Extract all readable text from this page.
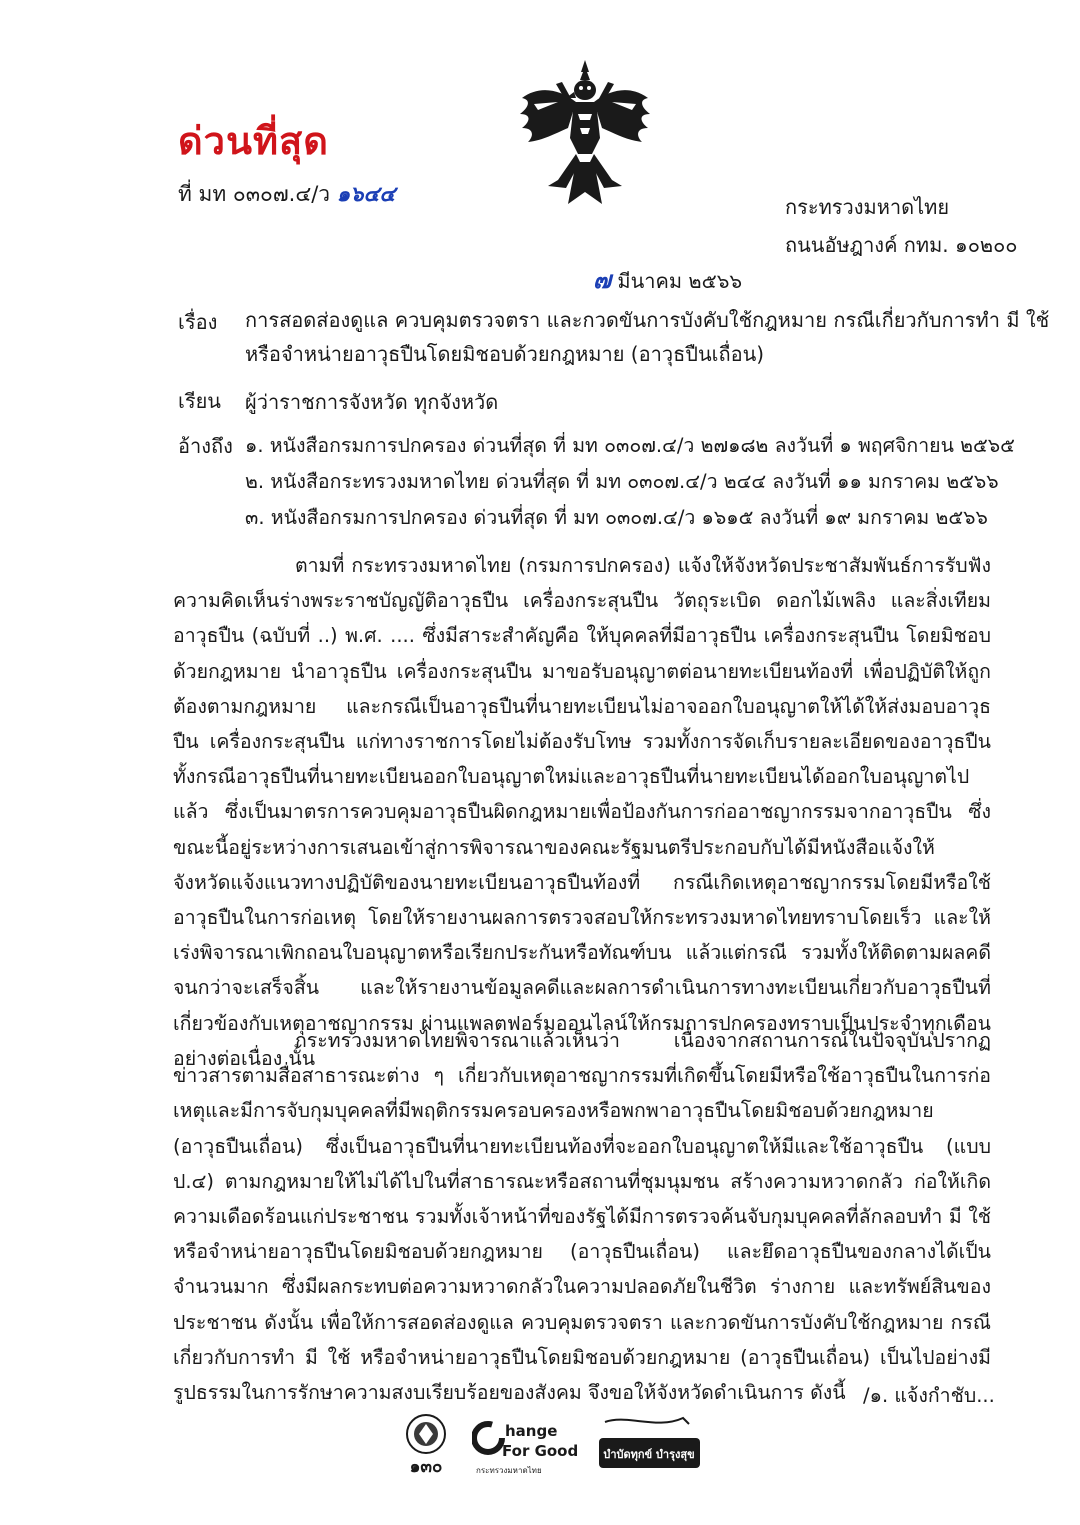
ด่วนที่สุด
ที่ มท ๐๓๐๗.๔/ว ๑๖๔๔
กระทรวงมหาดไทย
ถนนอัษฎางค์ กทม. ๑๐๒๐๐
๗ มีนาคม ๒๕๖๖
เรื่อง การสอดส่องดูแล ควบคุมตรวจตรา และกวดขันการบังคับใช้กฎหมาย กรณีเกี่ยวกับการทำ มี ใช้
หรือจำหน่ายอาวุธปืนโดยมิชอบด้วยกฎหมาย (อาวุธปืนเถื่อน)
เรียน ผู้ว่าราชการจังหวัด ทุกจังหวัด
อ้างถึง ๑. หนังสือกรมการปกครอง ด่วนที่สุด ที่ มท ๐๓๐๗.๔/ว ๒๗๑๘๒ ลงวันที่ ๑ พฤศจิกายน ๒๕๖๕
๒. หนังสือกระทรวงมหาดไทย ด่วนที่สุด ที่ มท ๐๓๐๗.๔/ว ๒๔๔ ลงวันที่ ๑๑ มกราคม ๒๕๖๖
๓. หนังสือกรมการปกครอง ด่วนที่สุด ที่ มท ๐๓๐๗.๔/ว ๑๖๑๕ ลงวันที่ ๑๙ มกราคม ๒๕๖๖
ตามที่ กระทรวงมหาดไทย (กรมการปกครอง) แจ้งให้จังหวัดประชาสัมพันธ์การรับฟังความคิดเห็นร่างพระราชบัญญัติอาวุธปืน เครื่องกระสุนปืน วัตถุระเบิด ดอกไม้เพลิง และสิ่งเทียมอาวุธปืน (ฉบับที่ ..) พ.ศ. .... ซึ่งมีสาระสำคัญคือ ให้บุคคลที่มีอาวุธปืน เครื่องกระสุนปืน โดยมิชอบด้วยกฎหมาย นำอาวุธปืน เครื่องกระสุนปืน มาขอรับอนุญาตต่อนายทะเบียนท้องที่ เพื่อปฏิบัติให้ถูกต้องตามกฎหมาย และกรณีเป็นอาวุธปืนที่นายทะเบียนไม่อาจออกใบอนุญาตให้ได้ให้ส่งมอบอาวุธปืน เครื่องกระสุนปืน แก่ทางราชการโดยไม่ต้องรับโทษ รวมทั้งการจัดเก็บรายละเอียดของอาวุธปืนทั้งกรณีอาวุธปืนที่นายทะเบียนออกใบอนุญาตใหม่และอาวุธปืนที่นายทะเบียนได้ออกใบอนุญาตไปแล้ว ซึ่งเป็นมาตรการควบคุมอาวุธปืนผิดกฎหมายเพื่อป้องกันการก่ออาชญากรรมจากอาวุธปืน ซึ่งขณะนี้อยู่ระหว่างการเสนอเข้าสู่การพิจารณาของคณะรัฐมนตรีประกอบกับได้มีหนังสือแจ้งให้จังหวัดแจ้งแนวทางปฏิบัติของนายทะเบียนอาวุธปืนท้องที่ กรณีเกิดเหตุอาชญากรรมโดยมีหรือใช้อาวุธปืนในการก่อเหตุ โดยให้รายงานผลการตรวจสอบให้กระทรวงมหาดไทยทราบโดยเร็ว และให้เร่งพิจารณาเพิกถอนใบอนุญาตหรือเรียกประกันหรือทัณฑ์บน แล้วแต่กรณี รวมทั้งให้ติดตามผลคดีจนกว่าจะเสร็จสิ้น และให้รายงานข้อมูลคดีและผลการดำเนินการทางทะเบียนเกี่ยวกับอาวุธปืนที่เกี่ยวข้องกับเหตุอาชญากรรม ผ่านแพลตฟอร์มออนไลน์ให้กรมการปกครองทราบเป็นประจำทุกเดือนอย่างต่อเนื่อง นั้น
กระทรวงมหาดไทยพิจารณาแล้วเห็นว่า เนื่องจากสถานการณ์ในปัจจุบันปรากฏข่าวสารตามสื่อสาธารณะต่าง ๆ เกี่ยวกับเหตุอาชญากรรมที่เกิดขึ้นโดยมีหรือใช้อาวุธปืนในการก่อเหตุและมีการจับกุมบุคคลที่มีพฤติกรรมครอบครองหรือพกพาอาวุธปืนโดยมิชอบด้วยกฎหมาย (อาวุธปืนเถื่อน) ซึ่งเป็นอาวุธปืนที่นายทะเบียนท้องที่จะออกใบอนุญาตให้มีและใช้อาวุธปืน (แบบ ป.๔) ตามกฎหมายให้ไม่ได้ไปในที่สาธารณะหรือสถานที่ชุมนุมชน สร้างความหวาดกลัว ก่อให้เกิดความเดือดร้อนแก่ประชาชน รวมทั้งเจ้าหน้าที่ของรัฐได้มีการตรวจค้นจับกุมบุคคลที่ลักลอบทำ มี ใช้ หรือจำหน่ายอาวุธปืนโดยมิชอบด้วยกฎหมาย (อาวุธปืนเถื่อน) และยึดอาวุธปืนของกลางได้เป็นจำนวนมาก ซึ่งมีผลกระทบต่อความหวาดกลัวในความปลอดภัยในชีวิต ร่างกาย และทรัพย์สินของประชาชน ดังนั้น เพื่อให้การสอดส่องดูแล ควบคุมตรวจตรา และกวดขันการบังคับใช้กฎหมาย กรณีเกี่ยวกับการทำ มี ใช้ หรือจำหน่ายอาวุธปืนโดยมิชอบด้วยกฎหมาย (อาวุธปืนเถื่อน) เป็นไปอย่างมีรูปธรรมในการรักษาความสงบเรียบร้อยของสังคม จึงขอให้จังหวัดดำเนินการ ดังนี้ /๑. แจ้งกำชับ...
๑๓๐
hange
For Good
กระทรวงมหาดไทย
บำบัดทุกข์ บำรุงสุข
